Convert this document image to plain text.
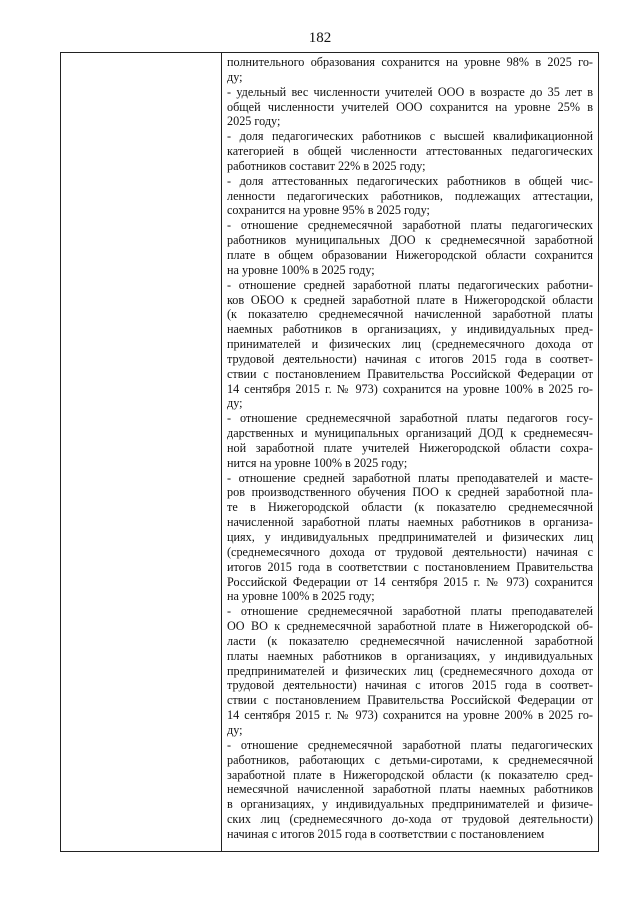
182
полнительного образования сохранится на уровне 98% в 2025 го-
ду;
- удельный вес численности учителей ООО в возрасте до 35 лет в
общей численности учителей ООО сохранится на уровне 25% в
2025 году;
- доля педагогических работников с высшей квалификационной
категорией в общей численности аттестованных педагогических
работников составит 22% в 2025 году;
- доля аттестованных педагогических работников в общей чис-
ленности педагогических работников, подлежащих аттестации,
сохранится на уровне 95% в 2025 году;
- отношение среднемесячной заработной платы педагогических
работников муниципальных ДОО к среднемесячной заработной
плате в общем образовании Нижегородской области сохранится
на уровне 100% в 2025 году;
- отношение средней заработной платы педагогических работни-
ков ОБОО к средней заработной плате в Нижегородской области
(к показателю среднемесячной начисленной заработной платы
наемных работников в организациях, у индивидуальных пред-
принимателей и физических лиц (среднемесячного дохода от
трудовой деятельности) начиная с итогов 2015 года в соответ-
ствии с постановлением Правительства Российской Федерации от
14 сентября 2015 г. № 973) сохранится на уровне 100% в 2025 го-
ду;
- отношение среднемесячной заработной платы педагогов госу-
дарственных и муниципальных организаций ДОД к среднемесяч-
ной заработной плате учителей Нижегородской области сохра-
нится на уровне 100% в 2025 году;
- отношение средней заработной платы преподавателей и масте-
ров производственного обучения ПОО к средней заработной пла-
те в Нижегородской области (к показателю среднемесячной
начисленной заработной платы наемных работников в организа-
циях, у индивидуальных предпринимателей и физических лиц
(среднемесячного дохода от трудовой деятельности) начиная с
итогов 2015 года в соответствии с постановлением Правительства
Российской Федерации от 14 сентября 2015 г. № 973) сохранится
на уровне 100% в 2025 году;
- отношение среднемесячной заработной платы преподавателей
ОО ВО к среднемесячной заработной плате в Нижегородской об-
ласти (к показателю среднемесячной начисленной заработной
платы наемных работников в организациях, у индивидуальных
предпринимателей и физических лиц (среднемесячного дохода от
трудовой деятельности) начиная с итогов 2015 года в соответ-
ствии с постановлением Правительства Российской Федерации от
14 сентября 2015 г. № 973) сохранится на уровне 200% в 2025 го-
ду;
- отношение среднемесячной заработной платы педагогических
работников, работающих с детьми-сиротами, к среднемесячной
заработной плате в Нижегородской области (к показателю сред-
немесячной начисленной заработной платы наемных работников
в организациях, у индивидуальных предпринимателей и физиче-
ских лиц (среднемесячного до-хода от трудовой деятельности)
начиная с итогов 2015 года в соответствии с постановлением
